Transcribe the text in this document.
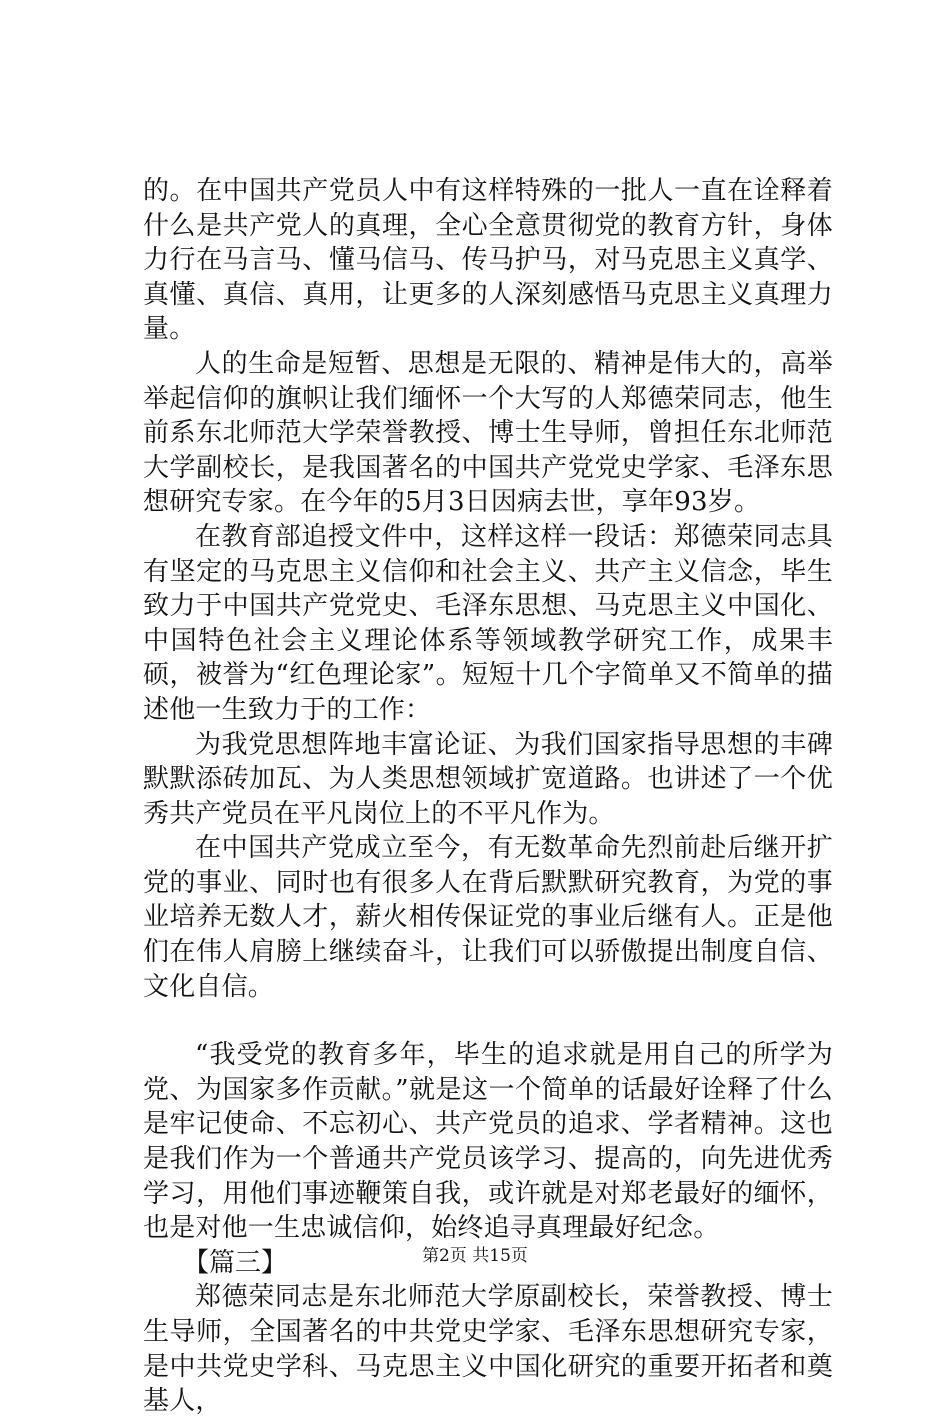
的。在中国共产党员人中有这样特殊的一批人一直在诠释着什么是共产党人的真理，全心全意贯彻党的教育方针，身体力行在马言马、懂马信马、传马护马，对马克思主义真学、真懂、真信、真用，让更多的人深刻感悟马克思主义真理力量。

人的生命是短暂、思想是无限的、精神是伟大的，高举举起信仰的旗帜让我们缅怀一个大写的人郑德荣同志，他生前系东北师范大学荣誉教授、博士生导师，曾担任东北师范大学副校长，是我国著名的中国共产党党史学家、毛泽东思想研究专家。在今年的5月3日因病去世，享年93岁。

在教育部追授文件中，这样这样一段话：郑德荣同志具有坚定的马克思主义信仰和社会主义、共产主义信念，毕生致力于中国共产党党史、毛泽东思想、马克思主义中国化、中国特色社会主义理论体系等领域教学研究工作，成果丰硕，被誉为“红色理论家”。短短十几个字简单又不简单的描述他一生致力于的工作：

为我党思想阵地丰富论证、为我们国家指导思想的丰碑默默添砖加瓦、为人类思想领域扩宽道路。也讲述了一个优秀共产党员在平凡岗位上的不平凡作为。

在中国共产党成立至今，有无数革命先烈前赴后继开扩党的事业、同时也有很多人在背后默默研究教育，为党的事业培养无数人才，薪火相传保证党的事业后继有人。正是他们在伟人肩膀上继续奋斗，让我们可以骄傲提出制度自信、文化自信。

“我受党的教育多年，毕生的追求就是用自己的所学为党、为国家多作贡献。”就是这一个简单的话最好诠释了什么是牢记使命、不忘初心、共产党员的追求、学者精神。这也是我们作为一个普通共产党员该学习、提高的，向先进优秀学习，用他们事迹鞭策自我，或许就是对郑老最好的缅怀，也是对他一生忠诚信仰，始终追寻真理最好纪念。

【篇三】

郑德荣同志是东北师范大学原副校长，荣誉教授、博士生导师，全国著名的中共党史学家、毛泽东思想研究专家，是中共党史学科、马克思主义中国化研究的重要开拓者和奠基人，

第2页 共15页
